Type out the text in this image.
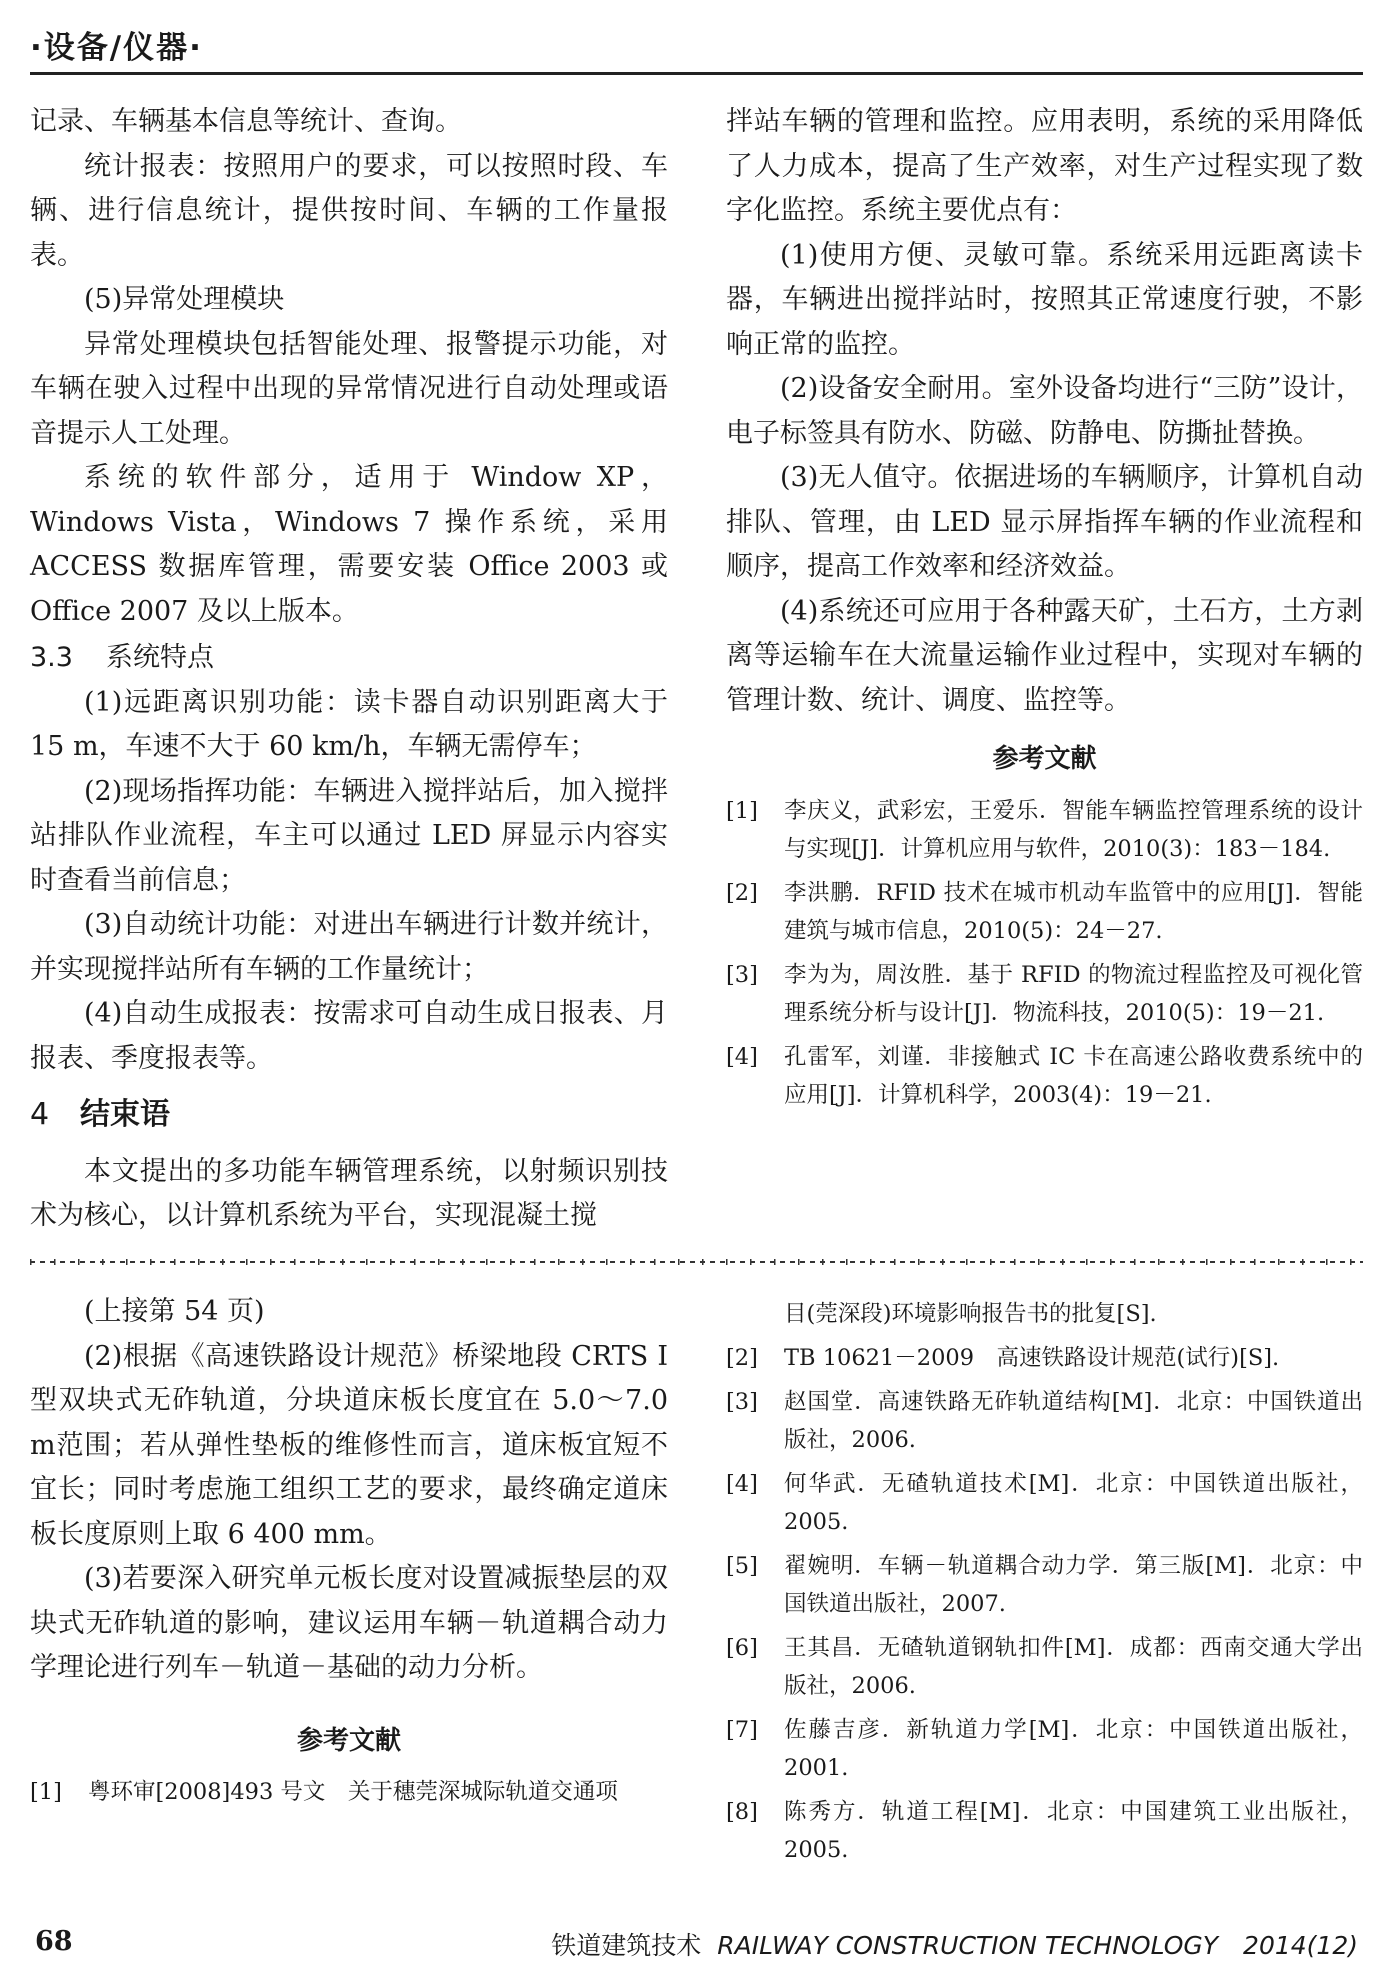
·设备/仪器·

记录、车辆基本信息等统计、查询。

统计报表：按照用户的要求，可以按照时段、车辆、进行信息统计，提供按时间、车辆的工作量报表。

(5)异常处理模块

异常处理模块包括智能处理、报警提示功能，对车辆在驶入过程中出现的异常情况进行自动处理或语音提示人工处理。

系统的软件部分，适用于 Window XP，Windows Vista，Windows 7 操作系统，采用 ACCESS 数据库管理，需要安装 Office 2003 或 Office 2007 及以上版本。

3.3 系统特点

(1)远距离识别功能：读卡器自动识别距离大于 15 m，车速不大于 60 km/h，车辆无需停车；

(2)现场指挥功能：车辆进入搅拌站后，加入搅拌站排队作业流程，车主可以通过 LED 屏显示内容实时查看当前信息；

(3)自动统计功能：对进出车辆进行计数并统计，并实现搅拌站所有车辆的工作量统计；

(4)自动生成报表：按需求可自动生成日报表、月报表、季度报表等。

4 结束语

本文提出的多功能车辆管理系统，以射频识别技术为核心，以计算机系统为平台，实现混凝土搅

拌站车辆的管理和监控。应用表明，系统的采用降低了人力成本，提高了生产效率，对生产过程实现了数字化监控。系统主要优点有：

(1)使用方便、灵敏可靠。系统采用远距离读卡器，车辆进出搅拌站时，按照其正常速度行驶，不影响正常的监控。

(2)设备安全耐用。室外设备均进行“三防”设计，电子标签具有防水、防磁、防静电、防撕扯替换。

(3)无人值守。依据进场的车辆顺序，计算机自动排队、管理，由 LED 显示屏指挥车辆的作业流程和顺序，提高工作效率和经济效益。

(4)系统还可应用于各种露天矿，土石方，土方剥离等运输车在大流量运输作业过程中，实现对车辆的管理计数、统计、调度、监控等。

参考文献

[1] 李庆义，武彩宏，王爱乐．智能车辆监控管理系统的设计与实现[J]．计算机应用与软件，2010(3)：183－184.
[2] 李洪鹏．RFID 技术在城市机动车监管中的应用[J]．智能建筑与城市信息，2010(5)：24－27.
[3] 李为为，周汝胜．基于 RFID 的物流过程监控及可视化管理系统分析与设计[J]．物流科技，2010(5)：19－21.
[4] 孔雷军，刘谨．非接触式 IC 卡在高速公路收费系统中的应用[J]．计算机科学，2003(4)：19－21.

(上接第 54 页)

(2)根据《高速铁路设计规范》桥梁地段 CRTS I 型双块式无砟轨道，分块道床板长度宜在 5.0～7.0 m范围；若从弹性垫板的维修性而言，道床板宜短不宜长；同时考虑施工组织工艺的要求，最终确定道床板长度原则上取 6 400 mm。

(3)若要深入研究单元板长度对设置减振垫层的双块式无砟轨道的影响，建议运用车辆－轨道耦合动力学理论进行列车－轨道－基础的动力分析。

参考文献

[1] 粤环审[2008]493 号文　关于穗莞深城际轨道交通项
目(莞深段)环境影响报告书的批复[S].
[2] TB 10621－2009　高速铁路设计规范(试行)[S].
[3] 赵国堂．高速铁路无砟轨道结构[M]．北京：中国铁道出版社，2006.
[4] 何华武．无碴轨道技术[M]．北京：中国铁道出版社，2005.
[5] 翟婉明．车辆－轨道耦合动力学．第三版[M]．北京：中国铁道出版社，2007.
[6] 王其昌．无碴轨道钢轨扣件[M]．成都：西南交通大学出版社，2006.
[7] 佐藤吉彦．新轨道力学[M]．北京：中国铁道出版社，2001.
[8] 陈秀方．轨道工程[M]．北京：中国建筑工业出版社，2005.
68	铁道建筑技术 RAILWAY CONSTRUCTION TECHNOLOGY　2014(12)
